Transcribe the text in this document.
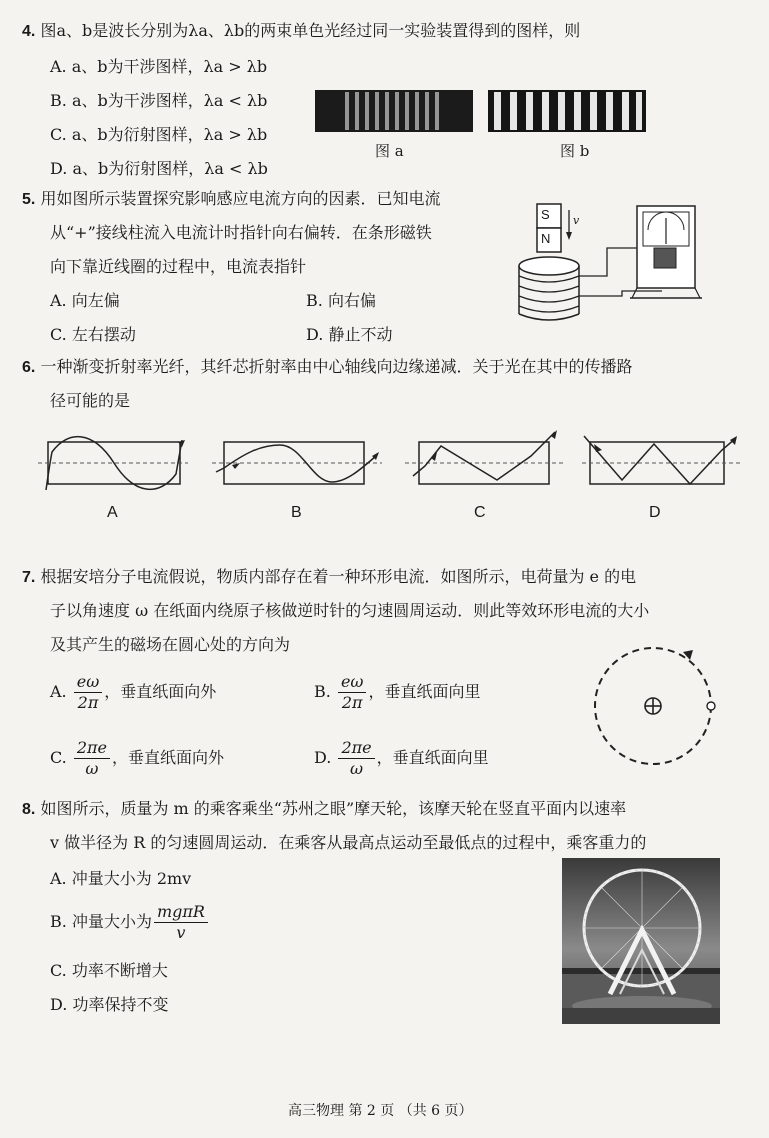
4. 图a、b是波长分别为λa、λb的两束单色光经过同一实验装置得到的图样，则
A. a、b为干涉图样，λa > λb
B. a、b为干涉图样，λa < λb
C. a、b为衍射图样，λa > λb
D. a、b为衍射图样，λa < λb
图 a	图 b
5. 用如图所示装置探究影响感应电流方向的因素．已知电流
从“+”接线柱流入电流计时指针向右偏转．在条形磁铁
向下靠近线圈的过程中，电流表指针
A. 向左偏	B. 向右偏
C. 左右摆动	D. 静止不动
S
N
v
6. 一种渐变折射率光纤，其纤芯折射率由中心轴线向边缘递减．关于光在其中的传播路
径可能的是
A	B	C	D
7. 根据安培分子电流假说，物质内部存在着一种环形电流．如图所示，电荷量为 e 的电
子以角速度 ω 在纸面内绕原子核做逆时针的匀速圆周运动．则此等效环形电流的大小
及其产生的磁场在圆心处的方向为
A. $\frac{e\omega}{2\pi}$ ，垂直纸面向外	B. $\frac{e\omega}{2\pi}$ ，垂直纸面向里
C. $\frac{2\pi e}{\omega}$ ，垂直纸面向外	D. $\frac{2\pi e}{\omega}$ ，垂直纸面向里
8. 如图所示，质量为 m 的乘客乘坐“苏州之眼”摩天轮，该摩天轮在竖直平面内以速率
v 做半径为 R 的匀速圆周运动．在乘客从最高点运动至最低点的过程中，乘客重力的
A. 冲量大小为 2mv
B. 冲量大小为 $\frac{\text{mgπR}}{v}$
C. 功率不断增大
D. 功率保持不变
高三物理 第 2 页 （共 6 页）
